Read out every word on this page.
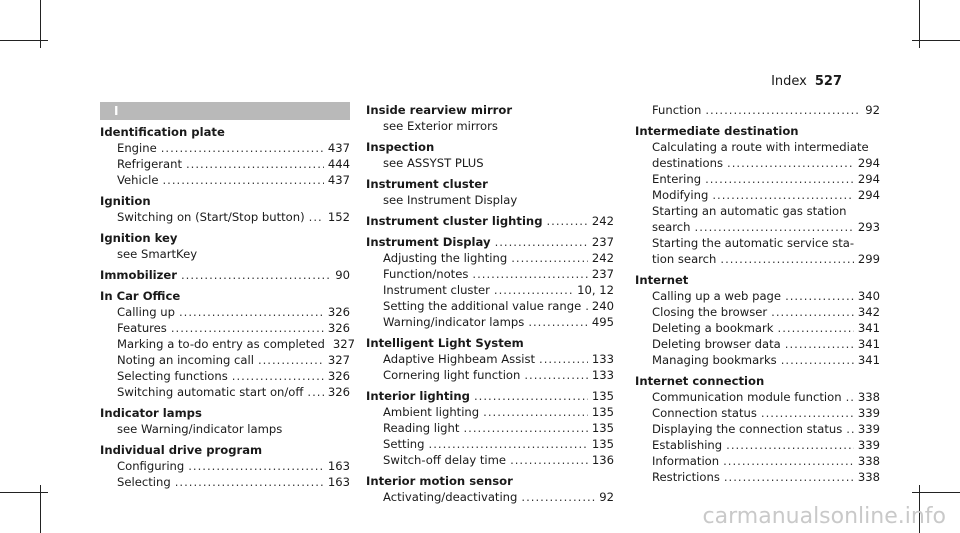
Index 527
I
Identification plate
Engine .....	437
Refrigerant .....	444
Vehicle .....	437
Ignition
Switching on (Start/Stop button) ..... 152
Ignition key
see SmartKey
Immobilizer .....	90
In Car Office
Calling up .....	326
Features .....	326
Marking a to-do entry as completed 327
Noting an incoming call .....	327
Selecting functions .....	326
Switching automatic start on/off ..... 326
Indicator lamps
see Warning/indicator lamps
Individual drive program
Configuring .....	163
Selecting .....	163
Inside rearview mirror
see Exterior mirrors
Inspection
see ASSYST PLUS
Instrument cluster
see Instrument Display
Instrument cluster lighting .....	242
Instrument Display .....	237
Adjusting the lighting .....	242
Function/notes .....	237
Instrument cluster .....	10, 12
Setting the additional value range ..... 240
Warning/indicator lamps .....	495
Intelligent Light System
Adaptive Highbeam Assist .....	133
Cornering light function .....	133
Interior lighting .....	135
Ambient lighting .....	135
Reading light .....	135
Setting .....	135
Switch-off delay time .....	136
Interior motion sensor
Activating/deactivating .....	92
Function .....	92
Intermediate destination
Calculating a route with intermediate
destinations .....	294
Entering .....	294
Modifying .....	294
Starting an automatic gas station
search .....	293
Starting the automatic service sta-
tion search .....	299
Internet
Calling up a web page .....	340
Closing the browser .....	342
Deleting a bookmark .....	341
Deleting browser data .....	341
Managing bookmarks .....	341
Internet connection
Communication module function ..... 338
Connection status .....	339
Displaying the connection status ..... 339
Establishing .....	339
Information .....	338
Restrictions .....	338
carmanualsonline.info
